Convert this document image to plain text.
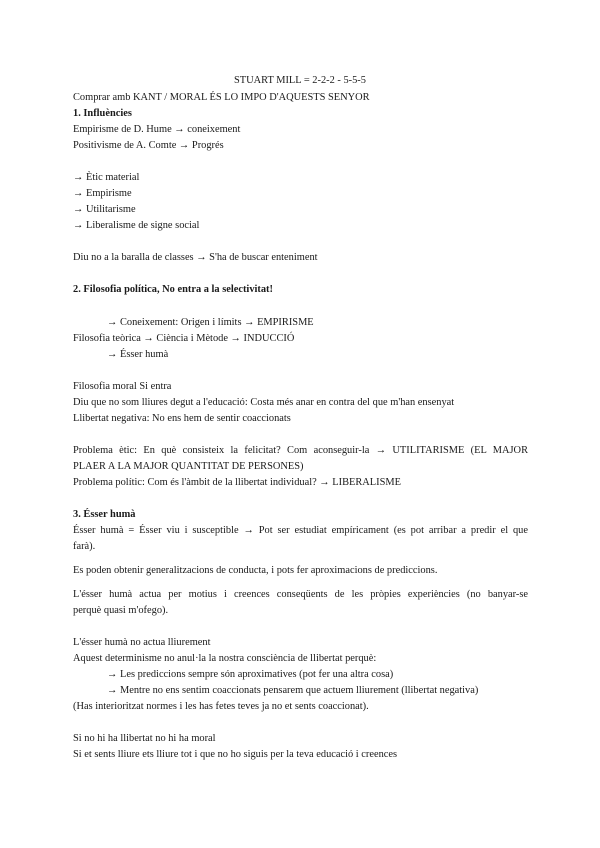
STUART MILL = 2-2-2 - 5-5-5
Comprar amb KANT / MORAL ÉS LO IMPO D'AQUESTS SENYOR
1. Influències
Empirisme de D. Hume → coneixement
Positivisme de A. Comte → Progrés
→ Ètic material
→ Empirisme
→ Utilitarisme
→ Liberalisme de signe social
Diu no a la baralla de classes → S'ha de buscar enteniment
2. Filosofia política, No entra a la selectivitat!
→ Coneixement: Origen i límits → EMPIRISME
Filosofia teòrica → Ciència i Mètode → INDUCCIÓ
→ Ésser humà
Filosofia moral Si entra
Diu que no som lliures degut a l'educació: Costa més anar en contra del que m'han ensenyat
Llibertat negativa: No ens hem de sentir coaccionats
Problema ètic: En què consisteix la felicitat? Com aconseguir-la → UTILITARISME (EL MAJOR
PLAER A LA MAJOR QUANTITAT DE PERSONES)
Problema polític: Com és l'àmbit de la llibertat individual? → LIBERALISME
3. Ésser humà
Ésser humà = Ésser viu i susceptible → Pot ser estudiat empíricament (es pot arribar a predir el que
farà).
Es poden obtenir generalitzacions de conducta, i pots fer aproximacions de prediccions.
L'ésser humà actua per motius i creences conseqüents de les pròpies experiències (no banyar-se
perquè quasi m'ofego).
L'ésser humà no actua lliurement
Aquest determinisme no anul·la la nostra consciència de llibertat perquè:
→ Les prediccions sempre són aproximatives (pot fer una altra cosa)
→ Mentre no ens sentim coaccionats pensarem que actuem lliurement (llibertat negativa)
(Has interioritzat normes i les has fetes teves ja no et sents coaccionat).
Si no hi ha llibertat no hi ha moral
Si et sents lliure ets lliure tot i que no ho siguis per la teva educació i creences
